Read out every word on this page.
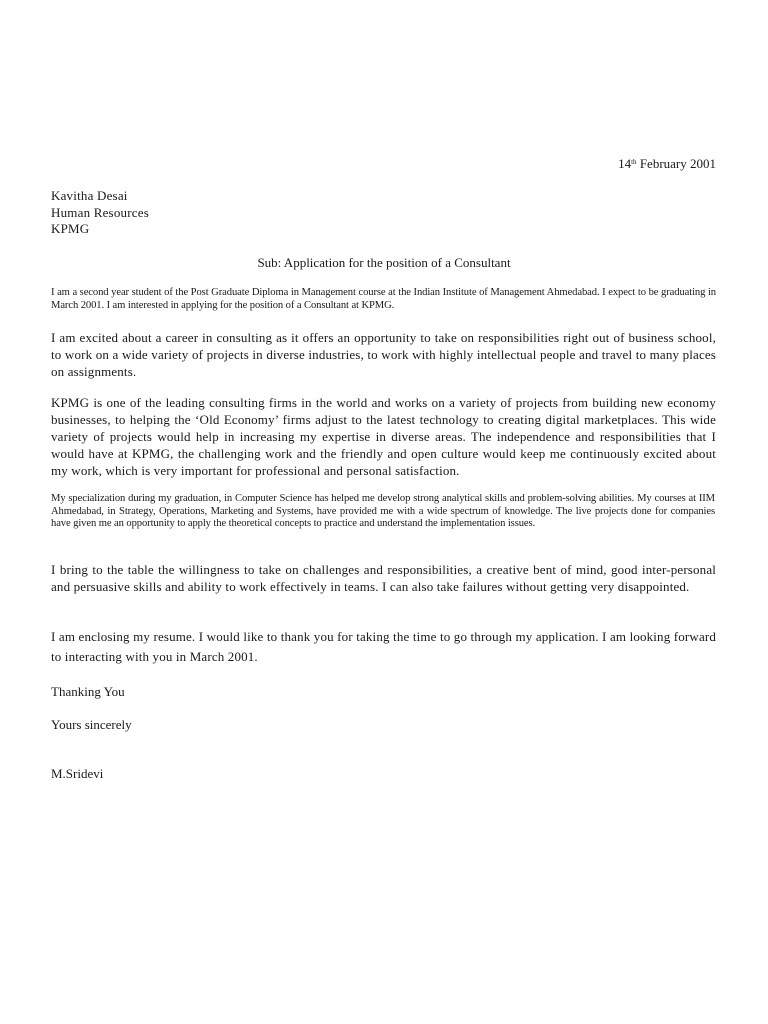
14th February 2001
Kavitha Desai
Human Resources
KPMG
Sub: Application for the position of a Consultant

I am a second year student of the Post Graduate Diploma in Management course at the Indian Institute of Management Ahmedabad. I expect to be graduating in March 2001. I am interested in applying for the position of a Consultant at KPMG.

I am excited about a career in consulting as it offers an opportunity to take on responsibilities right out of business school, to work on a wide variety of projects in diverse industries, to work with highly intellectual people and travel to many places on assignments.

KPMG is one of the leading consulting firms in the world and works on a variety of projects from building new economy businesses, to helping the ‘Old Economy’ firms adjust to the latest technology to creating digital marketplaces. This wide variety of projects would help in increasing my expertise in diverse areas. The independence and responsibilities that I would have at KPMG, the challenging work and the friendly and open culture would keep me continuously excited about my work, which is very important for professional and personal satisfaction.

My specialization during my graduation, in Computer Science has helped me develop strong analytical skills and problem-solving abilities. My courses at IIM Ahmedabad, in Strategy, Operations, Marketing and Systems, have provided me with a wide spectrum of knowledge. The live projects done for companies have given me an opportunity to apply the theoretical concepts to practice and understand the implementation issues.

I bring to the table the willingness to take on challenges and responsibilities, a creative bent of mind, good inter-personal and persuasive skills and ability to work effectively in teams. I can also take failures without getting very disappointed.

I am enclosing my resume. I would like to thank you for taking the time to go through my application. I am looking forward to interacting with you in March 2001.

Thanking You
Yours sincerely
M.Sridevi
